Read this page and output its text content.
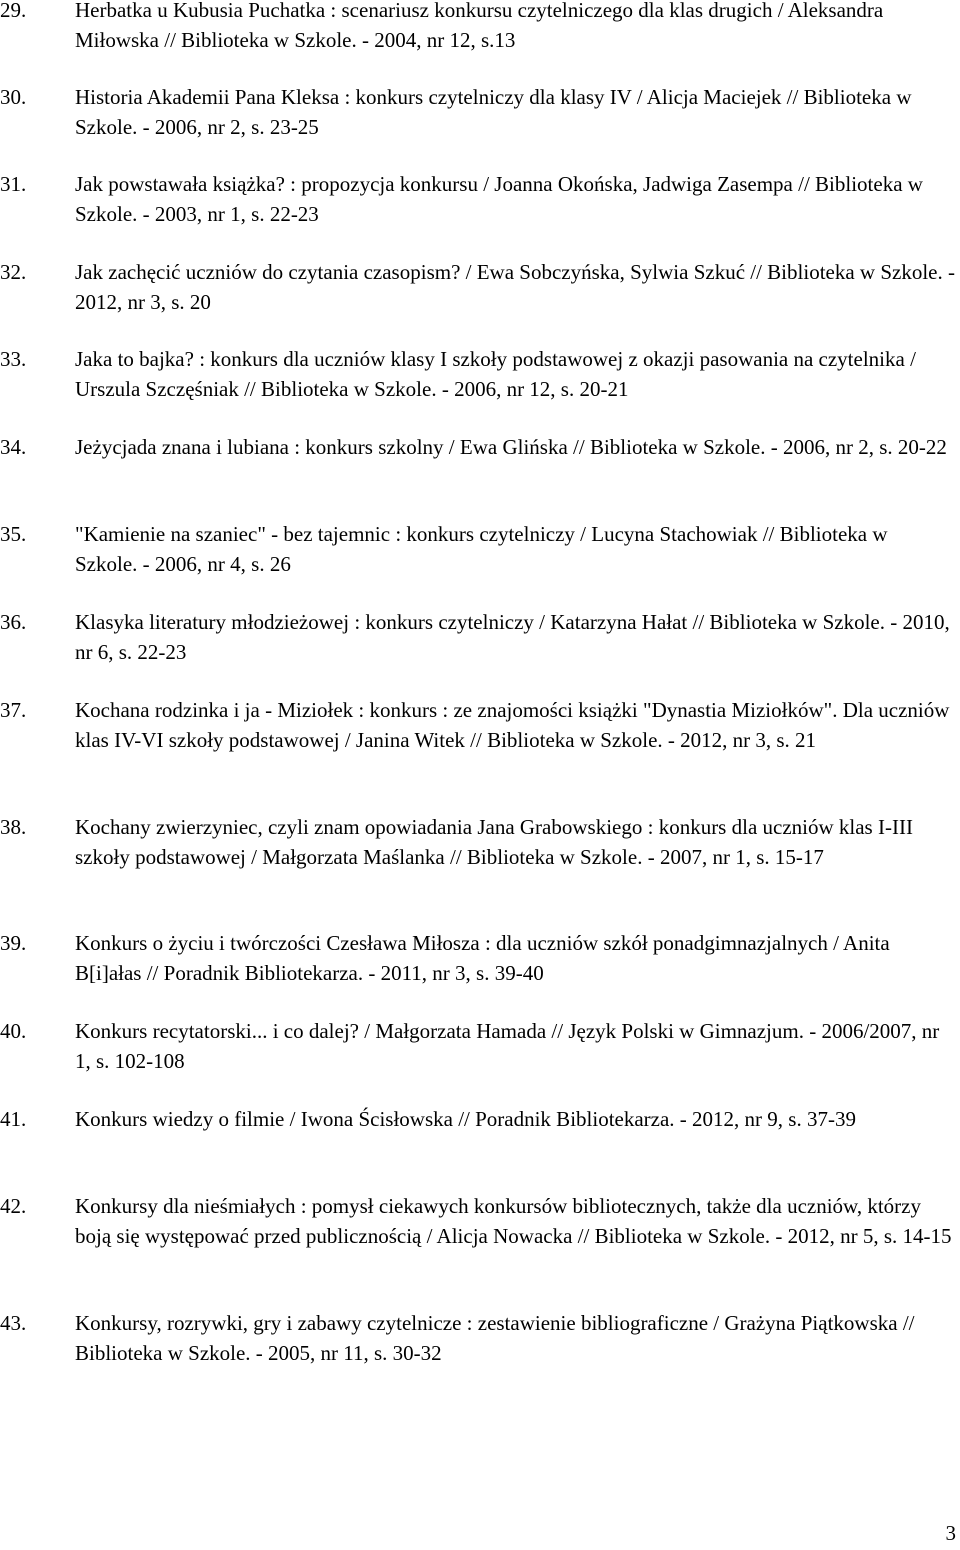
29.	Herbatka u Kubusia Puchatka : scenariusz konkursu czytelniczego dla klas drugich / Aleksandra Miłowska // Biblioteka w Szkole. - 2004, nr 12, s.13
30.	Historia Akademii Pana Kleksa : konkurs czytelniczy dla klasy IV / Alicja Maciejek // Biblioteka w Szkole. - 2006, nr 2, s. 23-25
31.	Jak powstawała książka? : propozycja konkursu / Joanna Okońska, Jadwiga Zasempa // Biblioteka w Szkole. - 2003, nr 1, s. 22-23
32.	Jak zachęcić uczniów do czytania czasopism? / Ewa Sobczyńska, Sylwia Szkuć // Biblioteka w Szkole. - 2012, nr 3, s. 20
33.	Jaka to bajka? : konkurs dla uczniów klasy I szkoły podstawowej z okazji pasowania na czytelnika / Urszula Szczęśniak // Biblioteka w Szkole. - 2006, nr 12, s. 20-21
34.	Jeżycjada znana i lubiana : konkurs szkolny / Ewa Glińska // Biblioteka w Szkole. - 2006, nr 2, s. 20-22
35.	"Kamienie na szaniec" - bez tajemnic : konkurs czytelniczy / Lucyna Stachowiak // Biblioteka w Szkole. - 2006, nr 4, s. 26
36.	Klasyka literatury młodzieżowej : konkurs czytelniczy / Katarzyna Hałat // Biblioteka w Szkole. - 2010, nr 6, s. 22-23
37.	Kochana rodzinka i ja - Miziołek : konkurs : ze znajomości książki "Dynastia Miziołków". Dla uczniów klas IV-VI szkoły podstawowej / Janina Witek // Biblioteka w Szkole. - 2012, nr 3, s. 21
38.	Kochany zwierzyniec, czyli znam opowiadania Jana Grabowskiego : konkurs dla uczniów klas I-III szkoły podstawowej / Małgorzata Maślanka // Biblioteka w Szkole. - 2007, nr 1, s. 15-17
39.	Konkurs o życiu i twórczości Czesława Miłosza : dla uczniów szkół ponadgimnazjalnych / Anita B[i]ałas // Poradnik Bibliotekarza. - 2011, nr 3, s. 39-40
40.	Konkurs recytatorski... i co dalej? / Małgorzata Hamada // Język Polski w Gimnazjum. - 2006/2007, nr 1, s. 102-108
41.	Konkurs wiedzy o filmie / Iwona Ścisłowska // Poradnik Bibliotekarza. - 2012, nr 9, s. 37-39
42.	Konkursy dla nieśmiałych : pomysł ciekawych konkursów bibliotecznych, także dla uczniów, którzy boją się występować przed publicznością / Alicja Nowacka // Biblioteka w Szkole. - 2012, nr 5, s. 14-15
43.	Konkursy, rozrywki, gry i zabawy czytelnicze : zestawienie bibliograficzne / Grażyna Piątkowska // Biblioteka w Szkole. - 2005, nr 11, s. 30-32
3
